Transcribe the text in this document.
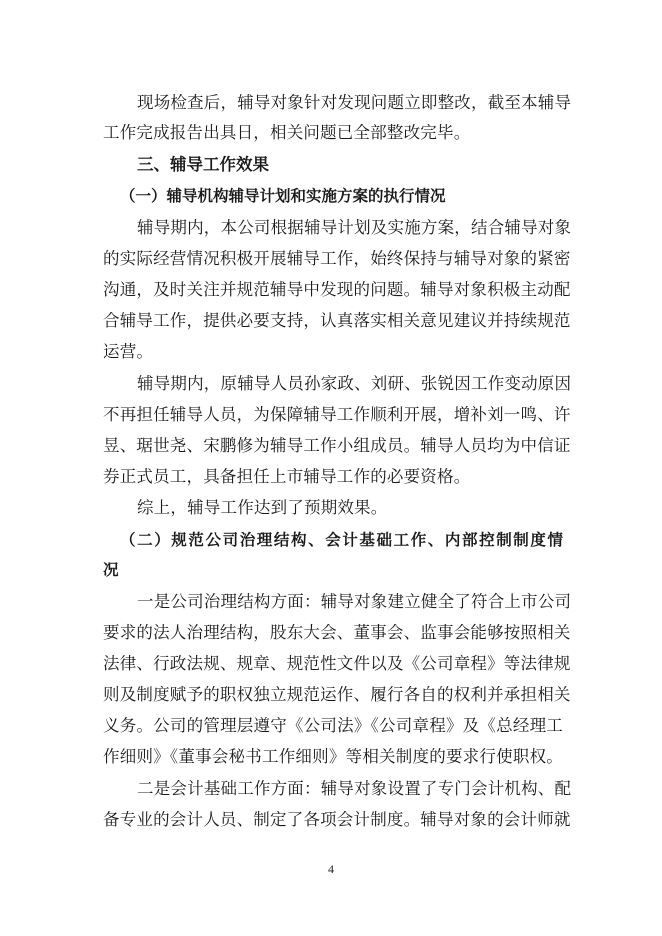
现场检查后，辅导对象针对发现问题立即整改，截至本辅导
工作完成报告出具日，相关问题已全部整改完毕。
三、辅导工作效果
（一）辅导机构辅导计划和实施方案的执行情况
辅导期内，本公司根据辅导计划及实施方案，结合辅导对象
的实际经营情况积极开展辅导工作，始终保持与辅导对象的紧密
沟通，及时关注并规范辅导中发现的问题。辅导对象积极主动配
合辅导工作，提供必要支持，认真落实相关意见建议并持续规范
运营。
辅导期内，原辅导人员孙家政、刘研、张锐因工作变动原因
不再担任辅导人员，为保障辅导工作顺利开展，增补刘一鸣、许
昱、琚世尧、宋鹏修为辅导工作小组成员。辅导人员均为中信证
券正式员工，具备担任上市辅导工作的必要资格。
综上，辅导工作达到了预期效果。
（二）规范公司治理结构、会计基础工作、内部控制制度情
况
一是公司治理结构方面：辅导对象建立健全了符合上市公司
要求的法人治理结构，股东大会、董事会、监事会能够按照相关
法律、行政法规、规章、规范性文件以及《公司章程》等法律规
则及制度赋予的职权独立规范运作、履行各自的权利并承担相关
义务。公司的管理层遵守《公司法》《公司章程》及《总经理工
作细则》《董事会秘书工作细则》等相关制度的要求行使职权。
二是会计基础工作方面：辅导对象设置了专门会计机构、配
备专业的会计人员、制定了各项会计制度。辅导对象的会计师就
4
